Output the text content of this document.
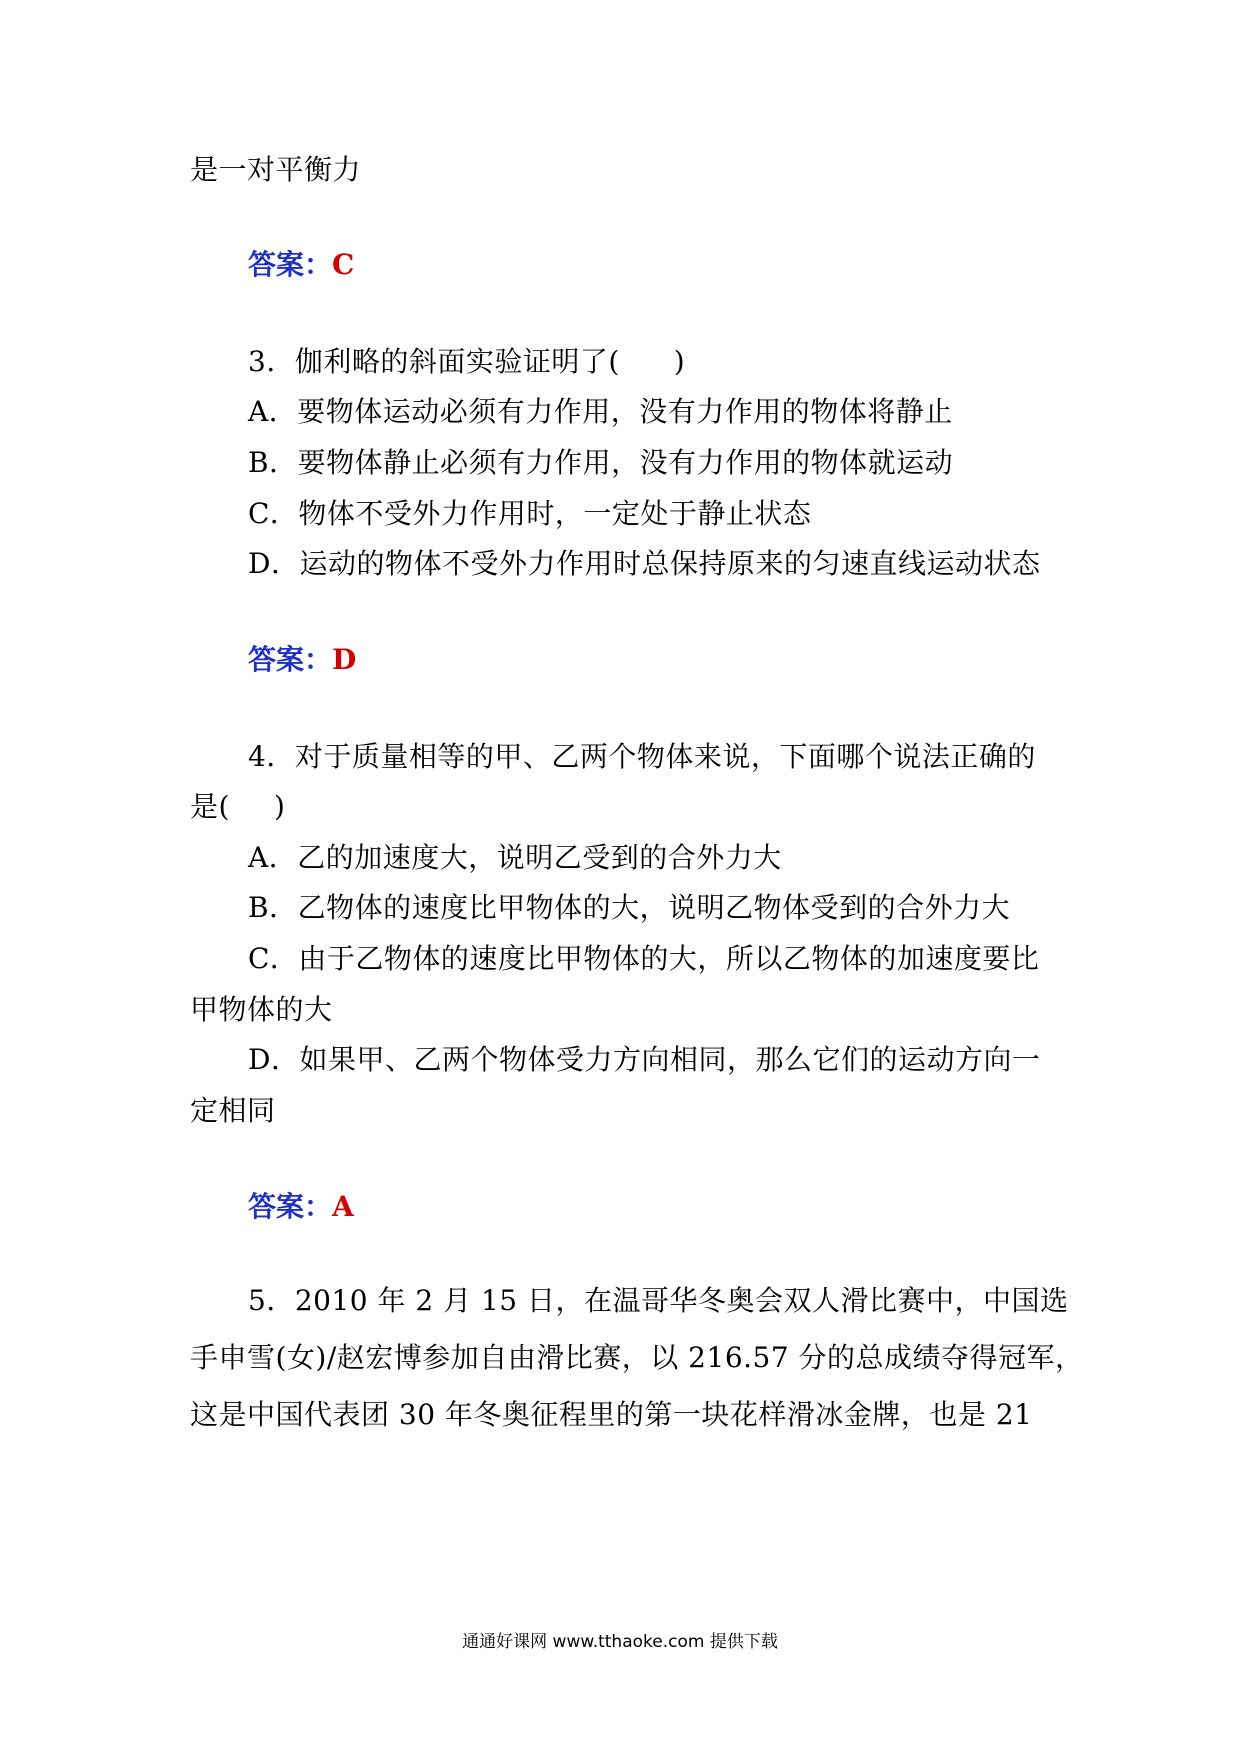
是一对平衡力
答案：C
3．伽利略的斜面实验证明了( )
A．要物体运动必须有力作用，没有力作用的物体将静止
B．要物体静止必须有力作用，没有力作用的物体就运动
C．物体不受外力作用时，一定处于静止状态
D．运动的物体不受外力作用时总保持原来的匀速直线运动状态
答案：D
4．对于质量相等的甲、乙两个物体来说，下面哪个说法正确的
是( )
A．乙的加速度大，说明乙受到的合外力大
B．乙物体的速度比甲物体的大，说明乙物体受到的合外力大
C．由于乙物体的速度比甲物体的大，所以乙物体的加速度要比
甲物体的大
D．如果甲、乙两个物体受力方向相同，那么它们的运动方向一
定相同
答案：A
5．2010 年 2 月 15 日，在温哥华冬奥会双人滑比赛中，中国选
手申雪(女)/赵宏博参加自由滑比赛，以 216.57 分的总成绩夺得冠军，
这是中国代表团 30 年冬奥征程里的第一块花样滑冰金牌，也是 21
通通好课网 www.tthaoke.com 提供下载
